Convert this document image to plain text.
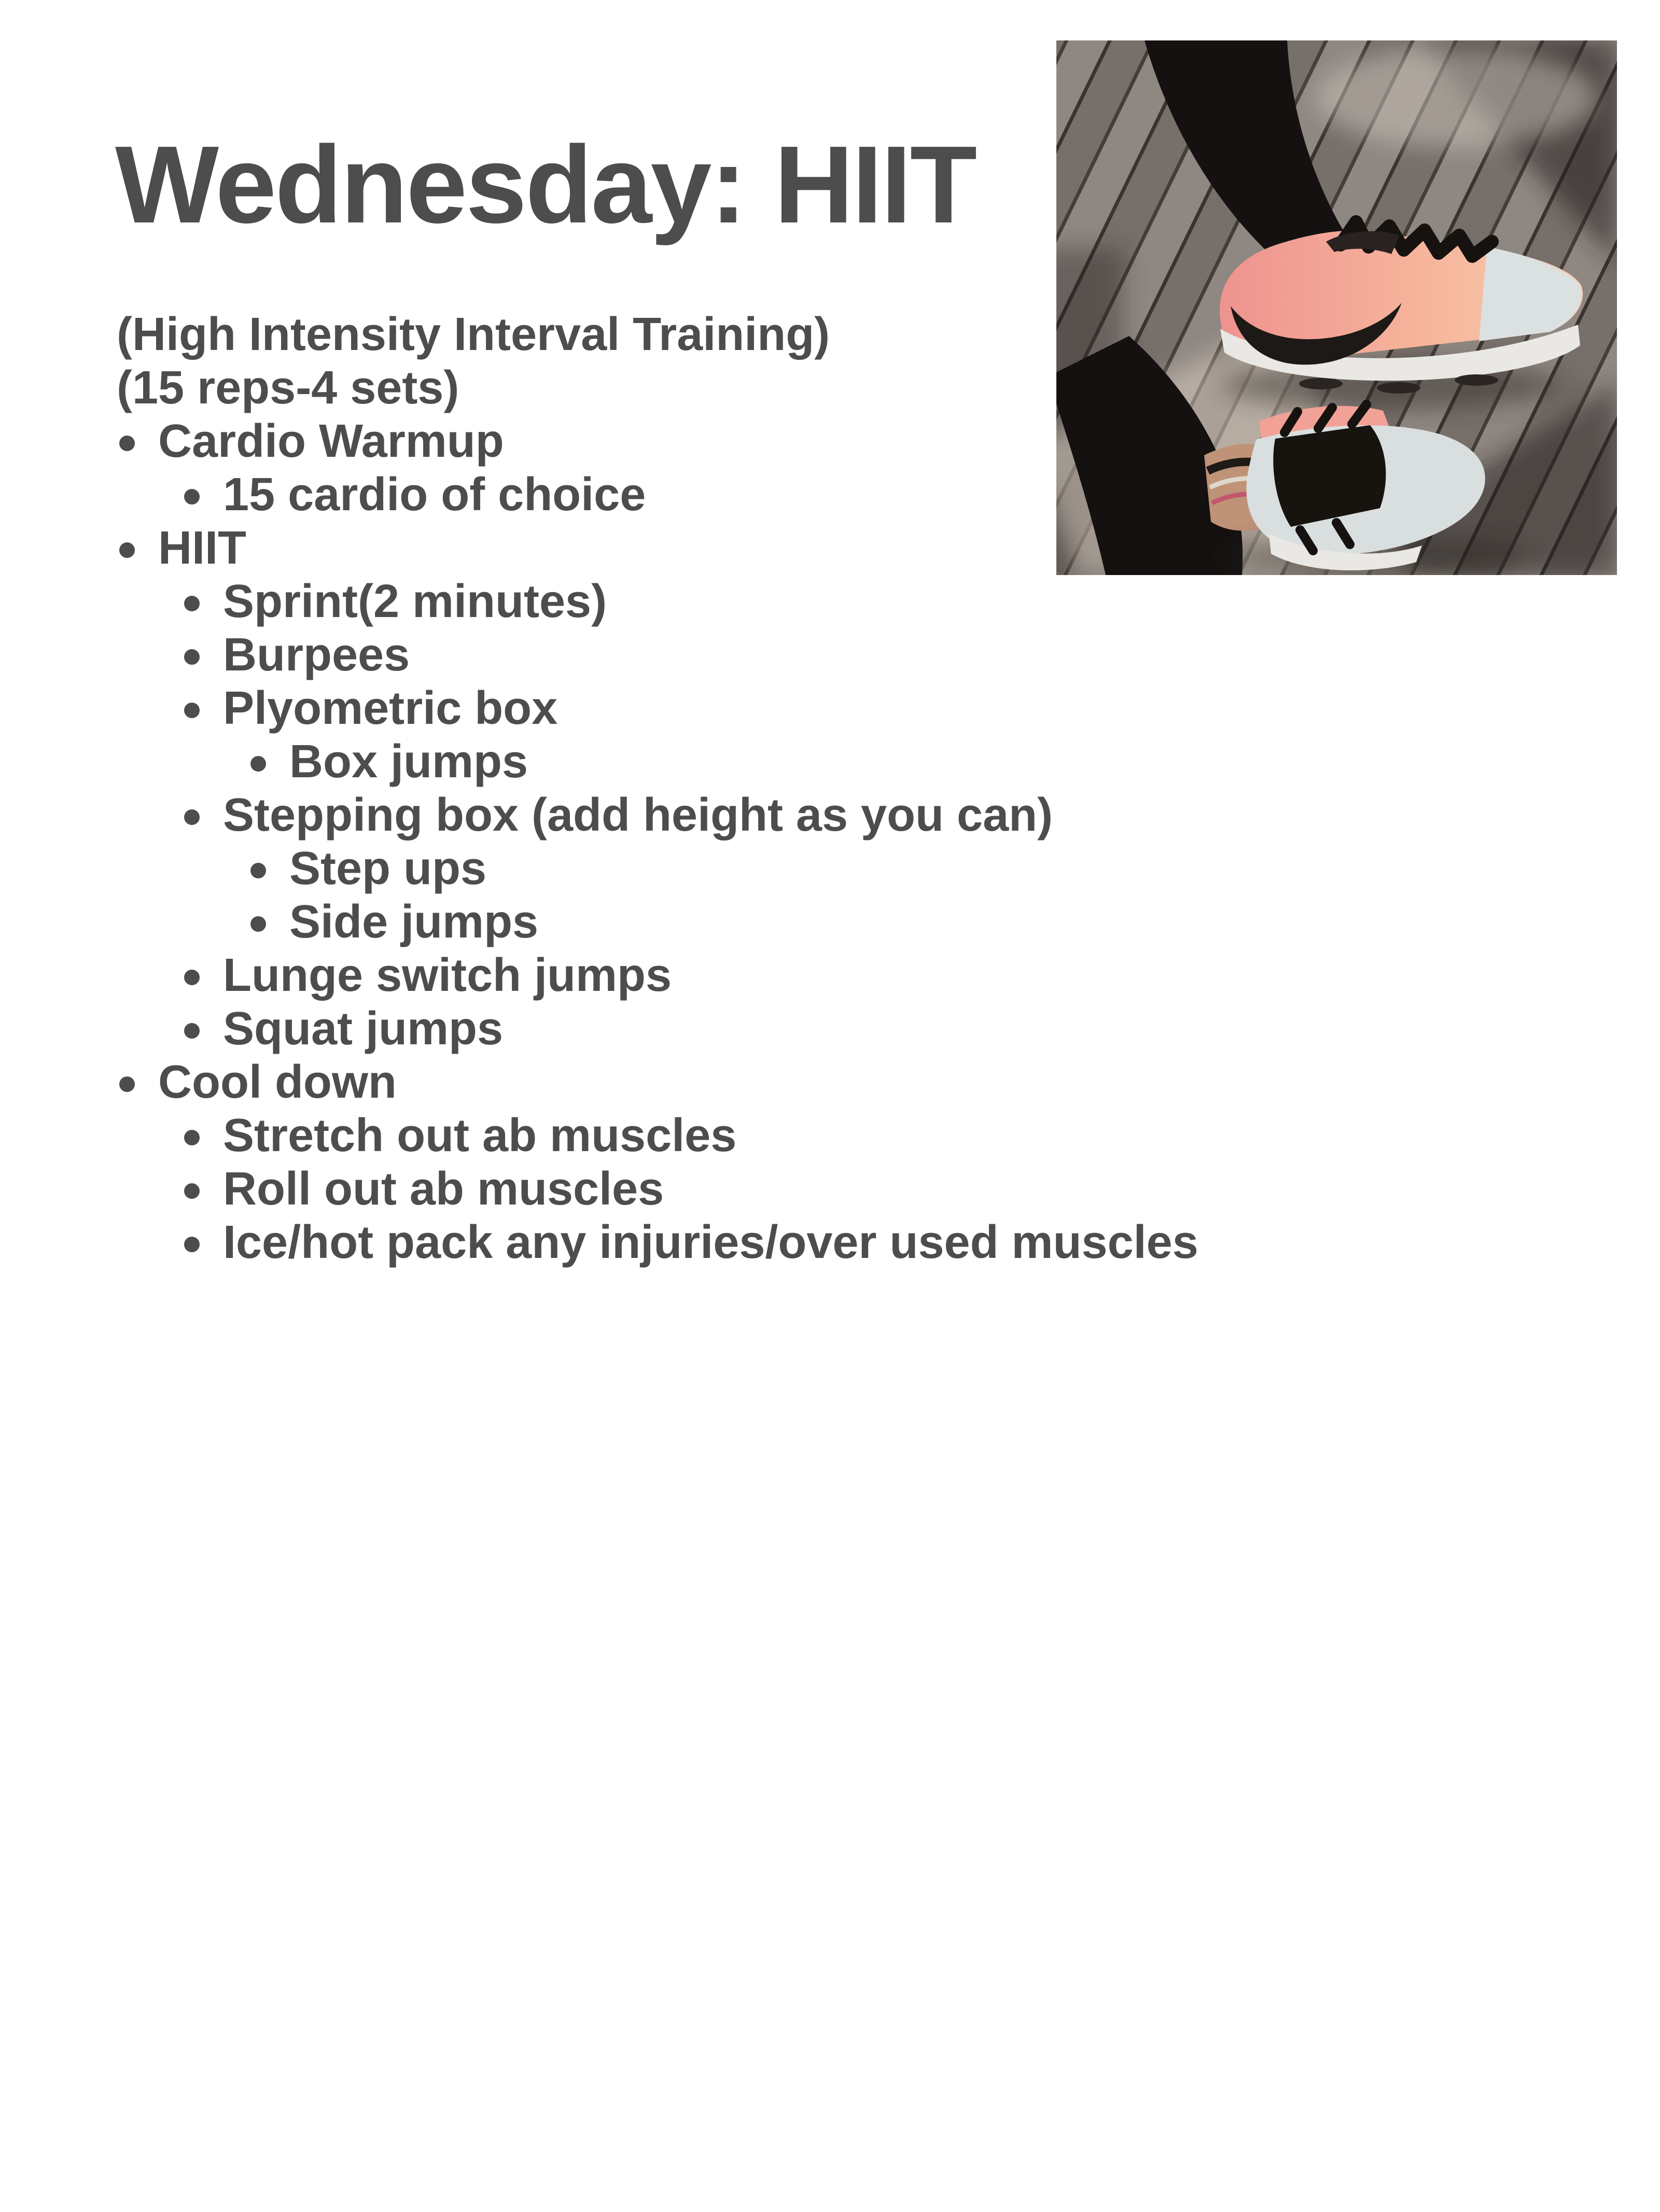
Wednesday: HIIT

(High Intensity Interval Training)

(15 reps-4 sets)

Cardio Warmup
15 cardio of choice
HIIT
Sprint(2 minutes)
Burpees
Plyometric box
Box jumps
Stepping box (add height as you can)
Step ups
Side jumps
Lunge switch jumps
Squat jumps
Cool down
Stretch out ab muscles
Roll out ab muscles
Ice/hot pack any injuries/over used muscles
